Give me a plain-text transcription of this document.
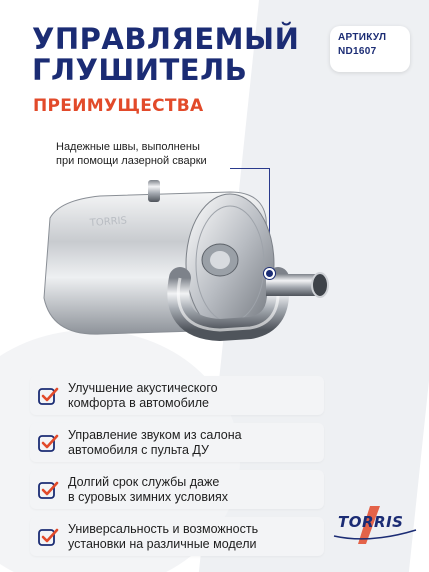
УПРАВЛЯЕМЫЙ
ГЛУШИТЕЛЬ
ПРЕИМУЩЕСТВА
АРТИКУЛ
ND1607
Надежные швы, выполнены
при помощи лазерной сварки
TORRIS
Улучшение акустического
комфорта в автомобиле
Управление звуком из салона
автомобиля с пульта ДУ
Долгий срок службы даже
в суровых зимних условиях
Универсальность и возможность
установки на различные модели
TORRIS
